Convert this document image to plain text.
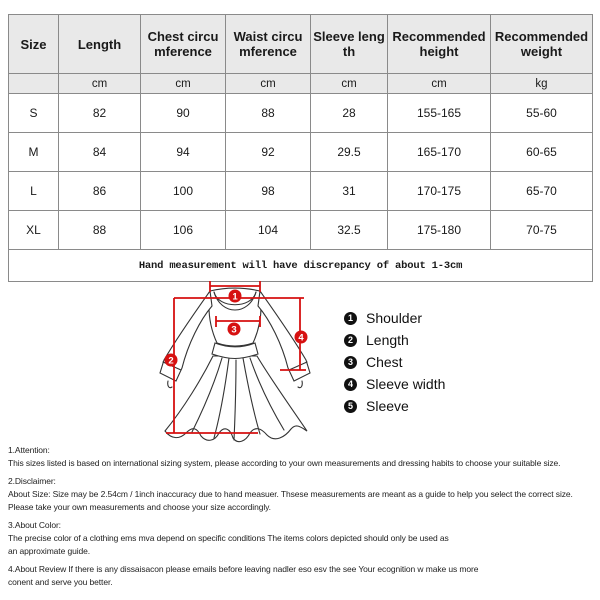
Size	Length	Chest circumference	Waist circumference	Sleeve length	Recommended height	Recommended weight
	cm	cm	cm	cm	cm	kg
S	82	90	88	28	155-165	55-60
M	84	94	92	29.5	165-170	60-65
L	86	100	98	31	170-175	65-70
XL	88	106	104	32.5	175-180	70-75
Hand measurement will have discrepancy of about 1-3cm						
1
2
3
4
1 Shoulder
2 Length
3 Chest
4 Sleeve width
5 Sleeve
1.Attention:
This sizes listed is based on international sizing system, please according to your own measurements and dressing habits to choose your suitable size.
2.Disclaimer:
About Size: Size may be 2.54cm / 1inch inaccuracy due to hand measuer. Thsese measurements are meant as a guide to help you select the correct size.
Please take your own measurements and choose your size accordingly.
3.About Color:
The precise color of a clothing ems mva depend on specific conditions The items colors depicted should only be used as
an approximate guide.
4.About Review If there is any dissaisacon please emails before leaving nadler eso esv the see Your ecognition w make us more
conent and serve you better.
